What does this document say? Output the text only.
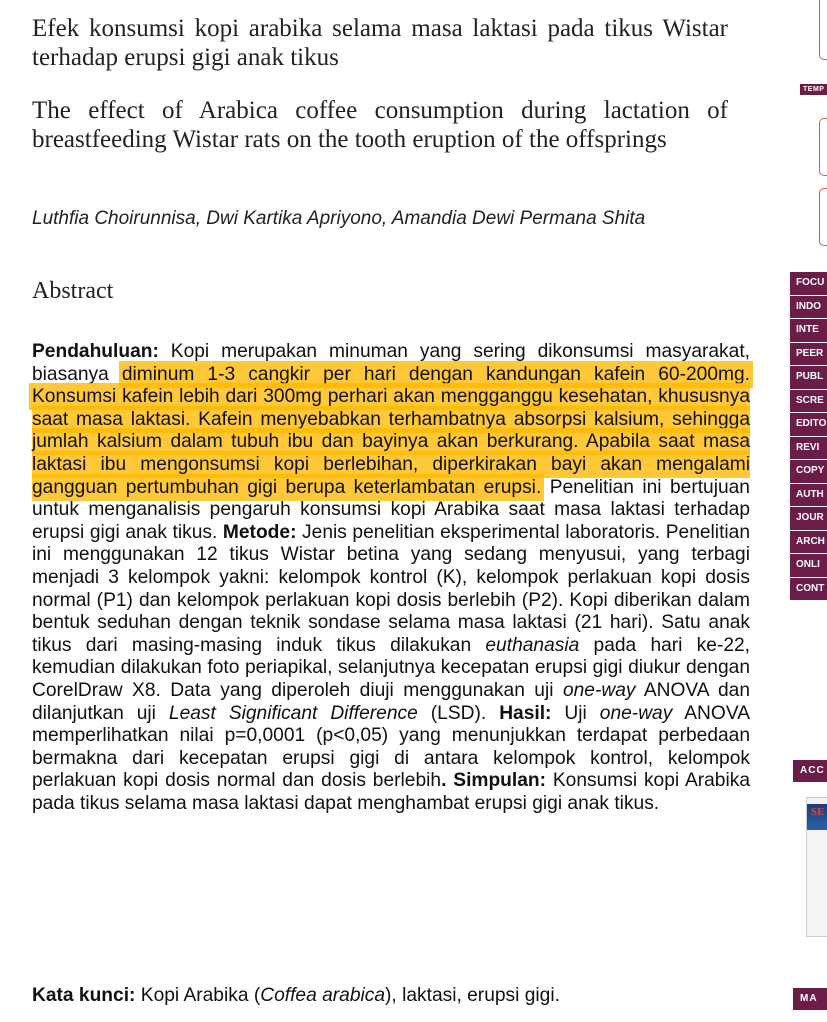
Efek konsumsi kopi arabika selama masa laktasi pada tikus Wistar terhadap erupsi gigi anak tikus

The effect of Arabica coffee consumption during lactation of breastfeeding Wistar rats on the tooth eruption of the offsprings

Luthfia Choirunnisa, Dwi Kartika Apriyono, Amandia Dewi Permana Shita
Abstract

Pendahuluan: Kopi merupakan minuman yang sering dikonsumsi masyarakat, biasanya diminum 1-3 cangkir per hari dengan kandungan kafein 60-200mg. Konsumsi kafein lebih dari 300mg perhari akan mengganggu kesehatan, khususnya saat masa laktasi. Kafein menyebabkan terhambatnya absorpsi kalsium, sehingga jumlah kalsium dalam tubuh ibu dan bayinya akan berkurang. Apabila saat masa laktasi ibu mengonsumsi kopi berlebihan, diperkirakan bayi akan mengalami gangguan pertumbuhan gigi berupa keterlambatan erupsi. Penelitian ini bertujuan untuk menganalisis pengaruh konsumsi kopi Arabika saat masa laktasi terhadap erupsi gigi anak tikus. Metode: Jenis penelitian eksperimental laboratoris. Penelitian ini menggunakan 12 tikus Wistar betina yang sedang menyusui, yang terbagi menjadi 3 kelompok yakni: kelompok kontrol (K), kelompok perlakuan kopi dosis normal (P1) dan kelompok perlakuan kopi dosis berlebih (P2). Kopi diberikan dalam bentuk seduhan dengan teknik sondase selama masa laktasi (21 hari). Satu anak tikus dari masing-masing induk tikus dilakukan euthanasia pada hari ke-22, kemudian dilakukan foto periapikal, selanjutnya kecepatan erupsi gigi diukur dengan CorelDraw X8. Data yang diperoleh diuji menggunakan uji one-way ANOVA dan dilanjutkan uji Least Significant Difference (LSD). Hasil: Uji one-way ANOVA memperlihatkan nilai p=0,0001 (p<0,05) yang menunjukkan terdapat perbedaan bermakna dari kecepatan erupsi gigi di antara kelompok kontrol, kelompok perlakuan kopi dosis normal dan dosis berlebih. Simpulan: Konsumsi kopi Arabika pada tikus selama masa laktasi dapat menghambat erupsi gigi anak tikus.

Kata kunci: Kopi Arabika (Coffea arabica), laktasi, erupsi gigi.
TEMP
FOCU
INDO
INTE
PEER
PUBL
SCRE
EDITO
REVI
COPY
AUTH
JOUR
ARCH
ONLI
CONT
ACC
SE
MA
